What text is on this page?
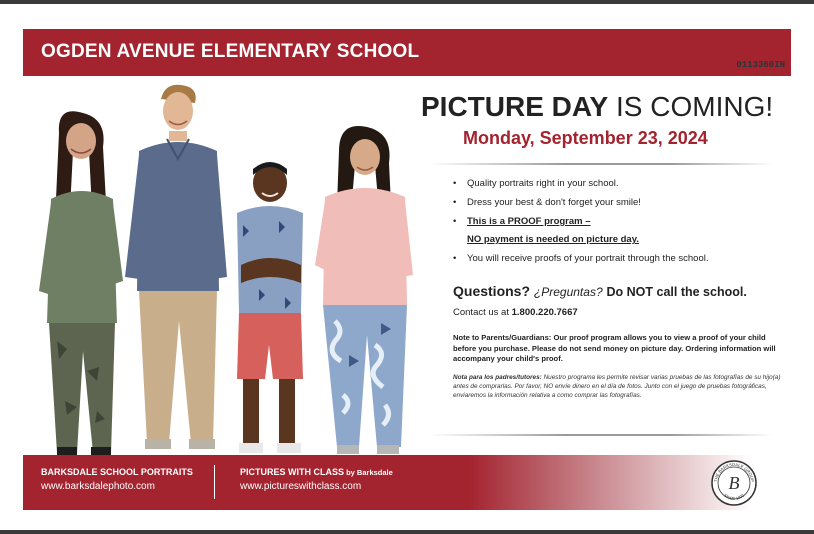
OGDEN AVENUE ELEMENTARY SCHOOL
0113360IN
PICTURE DAY IS COMING!
Monday, September 23, 2024
• Quality portraits right in your school.
• Dress your best & don't forget your smile!
• This is a PROOF program –
NO payment is needed on picture day.
• You will receive proofs of your portrait through the school.
Questions? ¿Preguntas? Do NOT call the school.
Contact us at 1.800.220.7667
Note to Parents/Guardians: Our proof program allows you to view a proof of your child before you purchase. Please do not send money on picture day. Ordering information will accompany your child's proof.
Nota para los padres/tutores: Nuestro programa les permite revisar varias pruebas de las fotografías de su hijo(a) antes de comprarlas. Por favor, NO envíe dinero en el día de fotos. Junto con el juego de pruebas fotográficas, enviaremos la información relativa a como comprar las fotografías.
BARKSDALE SCHOOL PORTRAITS
www.barksdalephoto.com
PICTURES WITH CLASS by Barksdale
www.pictureswithclass.com
THE BARKSDALE GROUP
B
SINCE 1932
